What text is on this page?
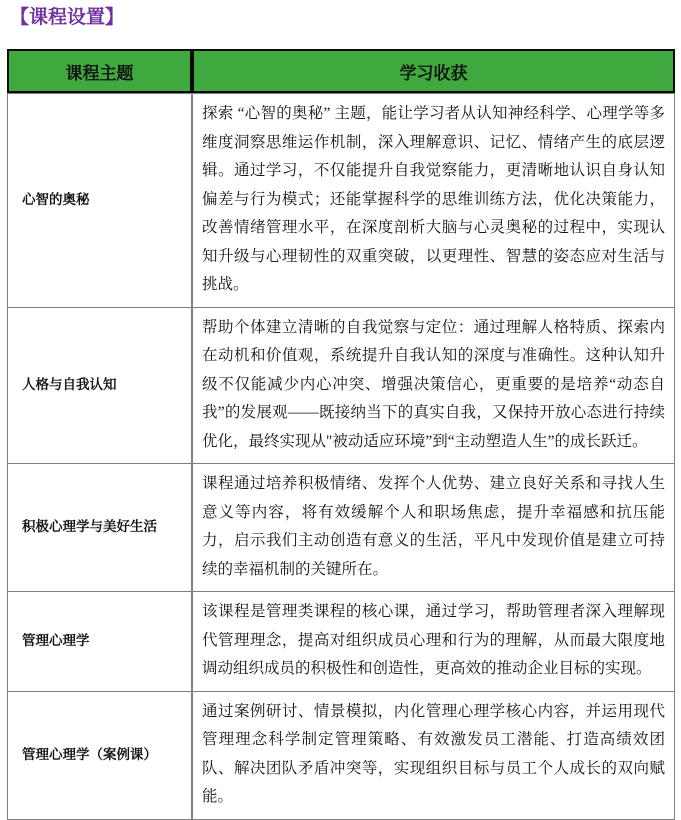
【课程设置】
课程主题	学习收获
心智的奥秘	探索 “心智的奥秘” 主题，能让学习者从认知神经科学、心理学等多维度洞察思维运作机制，深入理解意识、记忆、情绪产生的底层逻辑。通过学习，不仅能提升自我觉察能力，更清晰地认识自身认知偏差与行为模式；还能掌握科学的思维训练方法，优化决策能力，改善情绪管理水平，在深度剖析大脑与心灵奥秘的过程中，实现认知升级与心理韧性的双重突破，以更理性、智慧的姿态应对生活与挑战。
人格与自我认知	帮助个体建立清晰的自我觉察与定位：通过理解人格特质、探索内在动机和价值观，系统提升自我认知的深度与准确性。这种认知升级不仅能减少内心冲突、增强决策信心，更重要的是培养“动态自我”的发展观——既接纳当下的真实自我，又保持开放心态进行持续优化，最终实现从"被动适应环境”到“主动塑造人生”的成长跃迁。
积极心理学与美好生活	课程通过培养积极情绪、发挥个人优势、建立良好关系和寻找人生意义等内容，将有效缓解个人和职场焦虑，提升幸福感和抗压能力，启示我们主动创造有意义的生活，平凡中发现价值是建立可持续的幸福机制的关键所在。
管理心理学	该课程是管理类课程的核心课，通过学习，帮助管理者深入理解现代管理理念，提高对组织成员心理和行为的理解，从而最大限度地调动组织成员的积极性和创造性，更高效的推动企业目标的实现。
管理心理学（案例课）	通过案例研讨、情景模拟，内化管理心理学核心内容，并运用现代管理理念科学制定管理策略、有效激发员工潜能、打造高绩效团队、解决团队矛盾冲突等，实现组织目标与员工个人成长的双向赋能。
